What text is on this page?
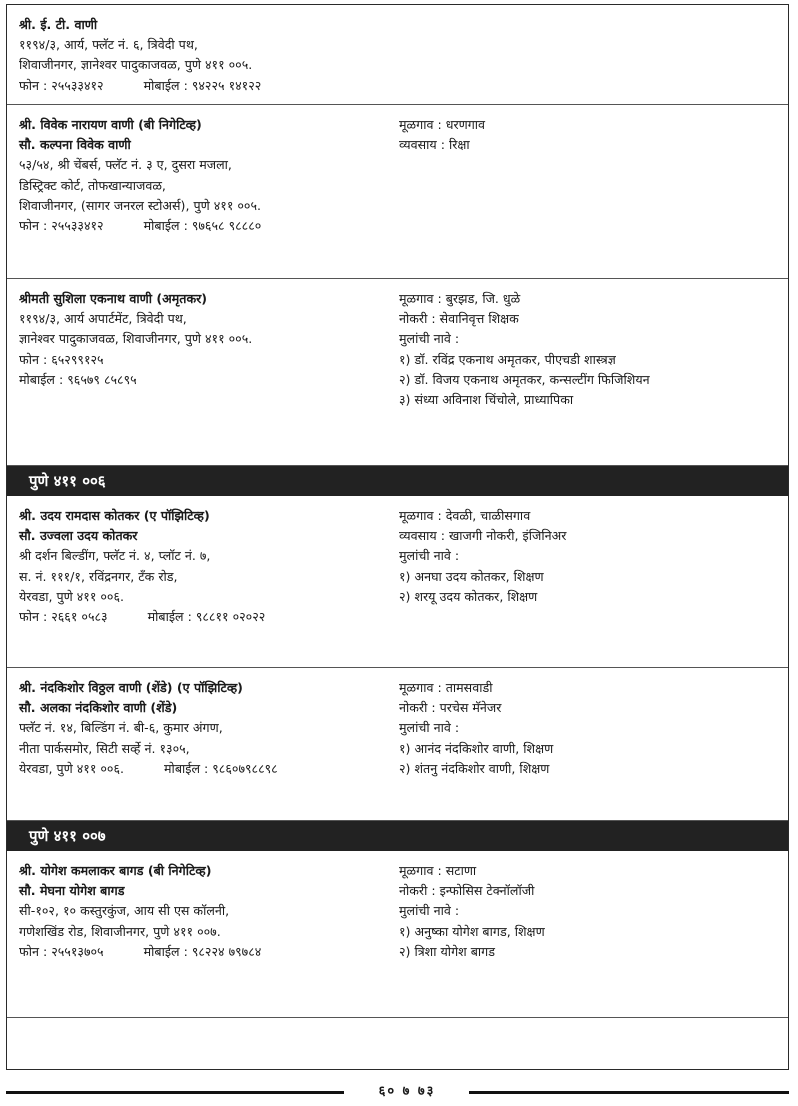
पुणे ४११ ००६
पुणे ४११ ००७
श्री. ई. टी. वाणी
११९४/३, आर्य, फ्लॅट नं. ६, त्रिवेदी पथ,
शिवाजीनगर, ज्ञानेश्वर पादुकाजवळ, पुणे ४११ ००५.
फोन : २५५३३४१२	मोबाईल : ९४२२५ १४१२२
श्री. विवेक नारायण वाणी (बी निगेटिव्ह)
सौ. कल्पना विवेक वाणी
५३/५४, श्री चेंबर्स, फ्लॅट नं. ३ ए, दुसरा मजला,
डिस्ट्रिक्ट कोर्ट, तोफखान्याजवळ,
शिवाजीनगर, (सागर जनरल स्टोअर्स), पुणे ४११ ००५.
फोन : २५५३३४१२	मोबाईल : ९७६५८ ९८८८०
मूळगाव : धरणगाव
व्यवसाय : रिक्षा
श्रीमती सुशिला एकनाथ वाणी (अमृतकर)
११९४/३, आर्य अपार्टमेंट, त्रिवेदी पथ,
ज्ञानेश्वर पादुकाजवळ, शिवाजीनगर, पुणे ४११ ००५.
फोन : ६५२९९१२५
मोबाईल : ९६५७९ ८५८९५
मूळगाव : बुरझड, जि. धुळे
नोकरी : सेवानिवृत्त शिक्षक
मुलांची नावे :
१) डॉ. रविंद्र एकनाथ अमृतकर, पीएचडी शास्त्रज्ञ
२) डॉ. विजय एकनाथ अमृतकर, कन्सल्टींग फिजिशियन
३) संध्या अविनाश चिंचोले, प्राध्यापिका
श्री. उदय रामदास कोतकर (ए पॉझिटिव्ह)
सौ. उज्वला उदय कोतकर
श्री दर्शन बिल्डींग, फ्लॅट नं. ४, प्लॉट नं. ७,
स. नं. १११/१, रविंद्रनगर, टँक रोड,
येरवडा, पुणे ४११ ००६.
फोन : २६६१ ०५८३	मोबाईल : ९८८११ ०२०२२
मूळगाव : देवळी, चाळीसगाव
व्यवसाय : खाजगी नोकरी, इंजिनिअर
मुलांची नावे :
१) अनघा उदय कोतकर, शिक्षण
२) शरयू उदय कोतकर, शिक्षण
श्री. नंदकिशोर विठ्ठल वाणी (शेंडे) (ए पॉझिटिव्ह)
सौ. अलका नंदकिशोर वाणी (शेंडे)
फ्लॅट नं. १४, बिल्डिंग नं. बी-६, कुमार अंगण,
नीता पार्कसमोर, सिटी सर्व्हे नं. १३०५,
येरवडा, पुणे ४११ ००६.	मोबाईल : ९८६०७९८८९८
मूळगाव : तामसवाडी
नोकरी : परचेस मॅनेजर
मुलांची नावे :
१) आनंद नंदकिशोर वाणी, शिक्षण
२) शंतनु नंदकिशोर वाणी, शिक्षण
श्री. योगेश कमलाकर बागड (बी निगेटिव्ह)
सौ. मेघना योगेश बागड
सी-१०२, १० कस्तुरकुंज, आय सी एस कॉलनी,
गणेशखिंड रोड, शिवाजीनगर, पुणे ४११ ००७.
फोन : २५५१३७०५	मोबाईल : ९८२२४ ७९७८४
मूळगाव : सटाणा
नोकरी : इन्फोसिस टेक्नॉलॉजी
मुलांची नावे :
१) अनुष्का योगेश बागड, शिक्षण
२) त्रिशा योगेश बागड
६० ७ ७३
